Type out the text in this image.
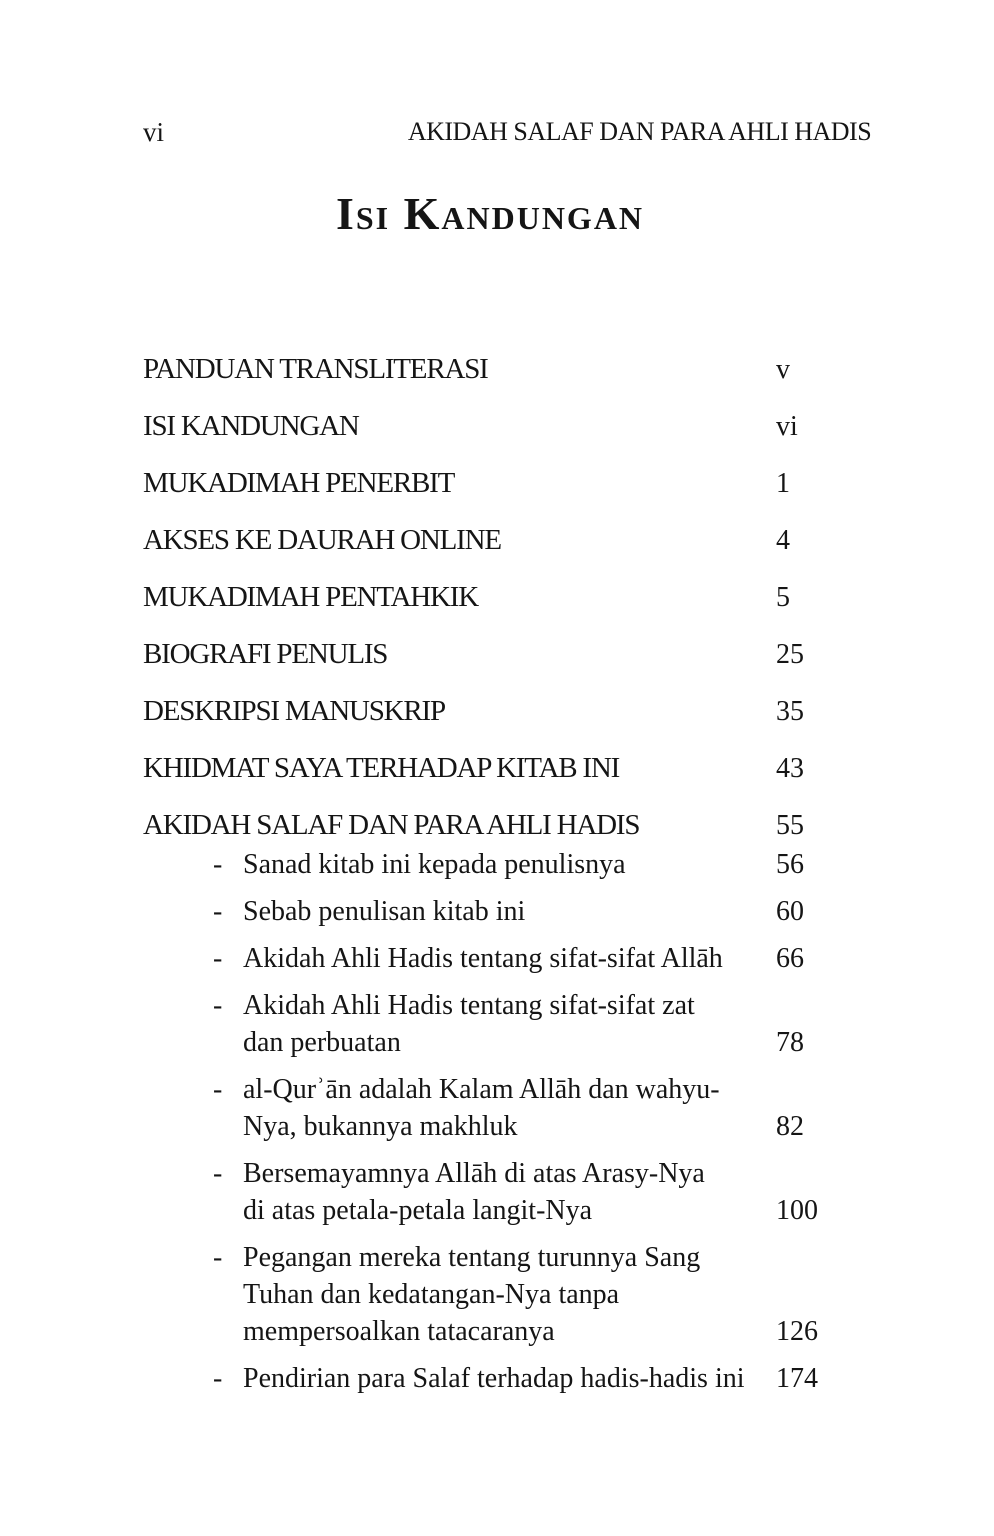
vi	AKIDAH SALAF DAN PARA AHLI HADIS
Isi Kandungan
PANDUAN TRANSLITERASI	v
ISI KANDUNGAN	vi
MUKADIMAH PENERBIT	1
AKSES KE DAURAH ONLINE	4
MUKADIMAH PENTAHKIK	5
BIOGRAFI PENULIS	25
DESKRIPSI MANUSKRIP	35
KHIDMAT SAYA TERHADAP KITAB INI	43
AKIDAH SALAF DAN PARA AHLI HADIS	55
- Sanad kitab ini kepada penulisnya	56
- Sebab penulisan kitab ini	60
- Akidah Ahli Hadis tentang sifat-sifat Allāh	66
- Akidah Ahli Hadis tentang sifat-sifat zat
dan perbuatan	78
- al-Qurʾān adalah Kalam Allāh dan wahyu-
Nya, bukannya makhluk	82
- Bersemayamnya Allāh di atas Arasy-Nya
di atas petala-petala langit-Nya	100
- Pegangan mereka tentang turunnya Sang
Tuhan dan kedatangan-Nya tanpa
mempersoalkan tatacaranya	126
- Pendirian para Salaf terhadap hadis-hadis ini	174
